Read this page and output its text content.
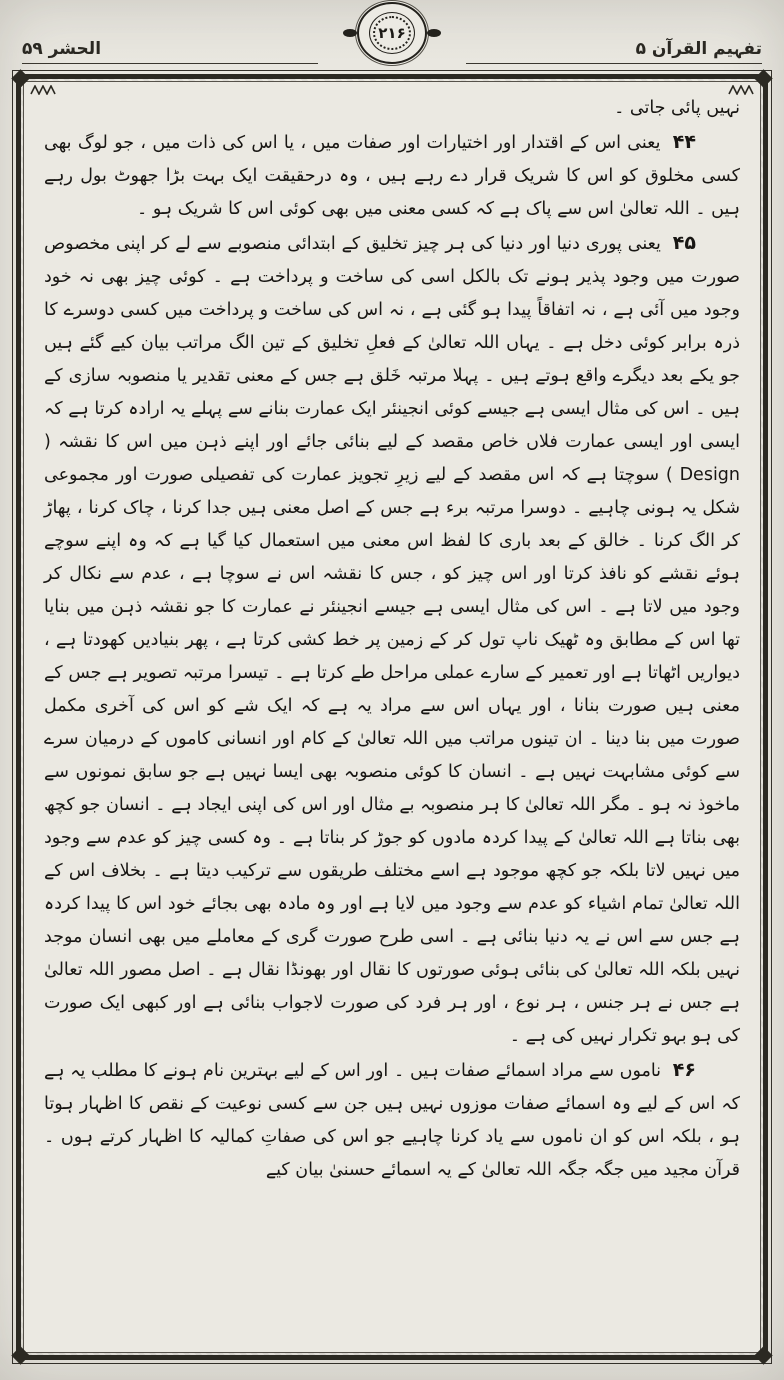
تفہیم القرآن ۵
۲۱۶
الحشر ۵۹

نہیں پائی جاتی ۔

۴۴ یعنی اس کے اقتدار اور اختیارات اور صفات میں ، یا اس کی ذات میں ، جو لوگ بھی کسی مخلوق کو اس کا شریک قرار دے رہے ہیں ، وہ درحقیقت ایک بہت بڑا جھوٹ بول رہے ہیں ۔ اللہ تعالیٰ اس سے پاک ہے کہ کسی معنی میں بھی کوئی اس کا شریک ہو ۔

۴۵ یعنی پوری دنیا اور دنیا کی ہر چیز تخلیق کے ابتدائی منصوبے سے لے کر اپنی مخصوص صورت میں وجود پذیر ہونے تک بالکل اسی کی ساخت و پرداخت ہے ۔ کوئی چیز بھی نہ خود وجود میں آئی ہے ، نہ اتفاقاً پیدا ہو گئی ہے ، نہ اس کی ساخت و پرداخت میں کسی دوسرے کا ذرہ برابر کوئی دخل ہے ۔ یہاں اللہ تعالیٰ کے فعلِ تخلیق کے تین الگ مراتب بیان کیے گئے ہیں جو یکے بعد دیگرے واقع ہوتے ہیں ۔ پہلا مرتبہ خَلق ہے جس کے معنی تقدیر یا منصوبہ سازی کے ہیں ۔ اس کی مثال ایسی ہے جیسے کوئی انجینئر ایک عمارت بنانے سے پہلے یہ ارادہ کرتا ہے کہ ایسی اور ایسی عمارت فلاں خاص مقصد کے لیے بنائی جائے اور اپنے ذہن میں اس کا نقشہ ( Design ) سوچتا ہے کہ اس مقصد کے لیے زیرِ تجویز عمارت کی تفصیلی صورت اور مجموعی شکل یہ ہونی چاہیے ۔ دوسرا مرتبہ برء ہے جس کے اصل معنی ہیں جدا کرنا ، چاک کرنا ، پھاڑ کر الگ کرنا ۔ خالق کے بعد باری کا لفظ اس معنی میں استعمال کیا گیا ہے کہ وہ اپنے سوچے ہوئے نقشے کو نافذ کرتا اور اس چیز کو ، جس کا نقشہ اس نے سوچا ہے ، عدم سے نکال کر وجود میں لاتا ہے ۔ اس کی مثال ایسی ہے جیسے انجینئر نے عمارت کا جو نقشہ ذہن میں بنایا تھا اس کے مطابق وہ ٹھیک ناپ تول کر کے زمین پر خط کشی کرتا ہے ، پھر بنیادیں کھودتا ہے ، دیواریں اٹھاتا ہے اور تعمیر کے سارے عملی مراحل طے کرتا ہے ۔ تیسرا مرتبہ تصویر ہے جس کے معنی ہیں صورت بنانا ، اور یہاں اس سے مراد یہ ہے کہ ایک شے کو اس کی آخری مکمل صورت میں بنا دینا ۔ ان تینوں مراتب میں اللہ تعالیٰ کے کام اور انسانی کاموں کے درمیان سرے سے کوئی مشابہت نہیں ہے ۔ انسان کا کوئی منصوبہ بھی ایسا نہیں ہے جو سابق نمونوں سے ماخوذ نہ ہو ۔ مگر اللہ تعالیٰ کا ہر منصوبہ بے مثال اور اس کی اپنی ایجاد ہے ۔ انسان جو کچھ بھی بناتا ہے اللہ تعالیٰ کے پیدا کردہ مادوں کو جوڑ کر بناتا ہے ۔ وہ کسی چیز کو عدم سے وجود میں نہیں لاتا بلکہ جو کچھ موجود ہے اسے مختلف طریقوں سے ترکیب دیتا ہے ۔ بخلاف اس کے اللہ تعالیٰ تمام اشیاء کو عدم سے وجود میں لایا ہے اور وہ مادہ بھی بجائے خود اس کا پیدا کردہ ہے جس سے اس نے یہ دنیا بنائی ہے ۔ اسی طرح صورت گری کے معاملے میں بھی انسان موجد نہیں بلکہ اللہ تعالیٰ کی بنائی ہوئی صورتوں کا نقال اور بھونڈا نقال ہے ۔ اصل مصور اللہ تعالیٰ ہے جس نے ہر جنس ، ہر نوع ، اور ہر فرد کی صورت لاجواب بنائی ہے اور کبھی ایک صورت کی ہو بہو تکرار نہیں کی ہے ۔

۴۶ ناموں سے مراد اسمائے صفات ہیں ۔ اور اس کے لیے بہترین نام ہونے کا مطلب یہ ہے کہ اس کے لیے وہ اسمائے صفات موزوں نہیں ہیں جن سے کسی نوعیت کے نقص کا اظہار ہوتا ہو ، بلکہ اس کو ان ناموں سے یاد کرنا چاہیے جو اس کی صفاتِ کمالیہ کا اظہار کرتے ہوں ۔ قرآن مجید میں جگہ جگہ اللہ تعالیٰ کے یہ اسمائے حسنیٰ بیان کیے
